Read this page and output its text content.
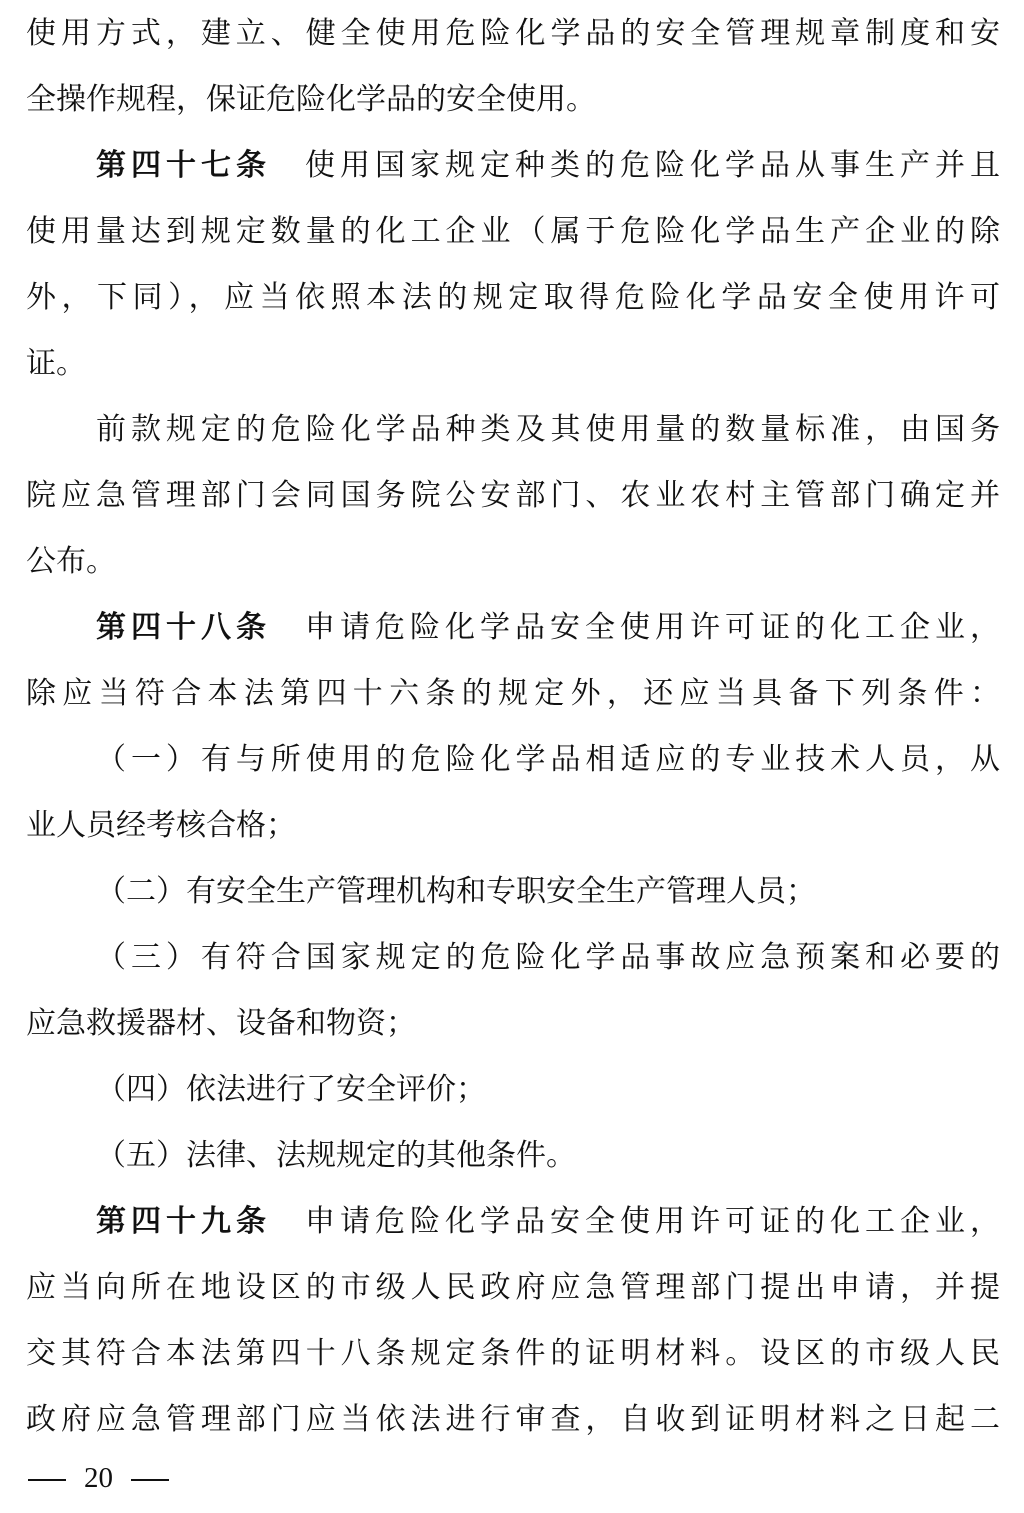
使用方式，建立、健全使用危险化学品的安全管理规章制度和安
全操作规程，保证危险化学品的安全使用。
第四十七条 使用国家规定种类的危险化学品从事生产并且
使用量达到规定数量的化工企业（属于危险化学品生产企业的除
外，下同），应当依照本法的规定取得危险化学品安全使用许可
证。
前款规定的危险化学品种类及其使用量的数量标准，由国务
院应急管理部门会同国务院公安部门、农业农村主管部门确定并
公布。
第四十八条 申请危险化学品安全使用许可证的化工企业，
除应当符合本法第四十六条的规定外，还应当具备下列条件：
（一）有与所使用的危险化学品相适应的专业技术人员，从
业人员经考核合格；
（二）有安全生产管理机构和专职安全生产管理人员；
（三）有符合国家规定的危险化学品事故应急预案和必要的
应急救援器材、设备和物资；
（四）依法进行了安全评价；
（五）法律、法规规定的其他条件。
第四十九条 申请危险化学品安全使用许可证的化工企业，
应当向所在地设区的市级人民政府应急管理部门提出申请，并提
交其符合本法第四十八条规定条件的证明材料。设区的市级人民
政府应急管理部门应当依法进行审查，自收到证明材料之日起二
20
